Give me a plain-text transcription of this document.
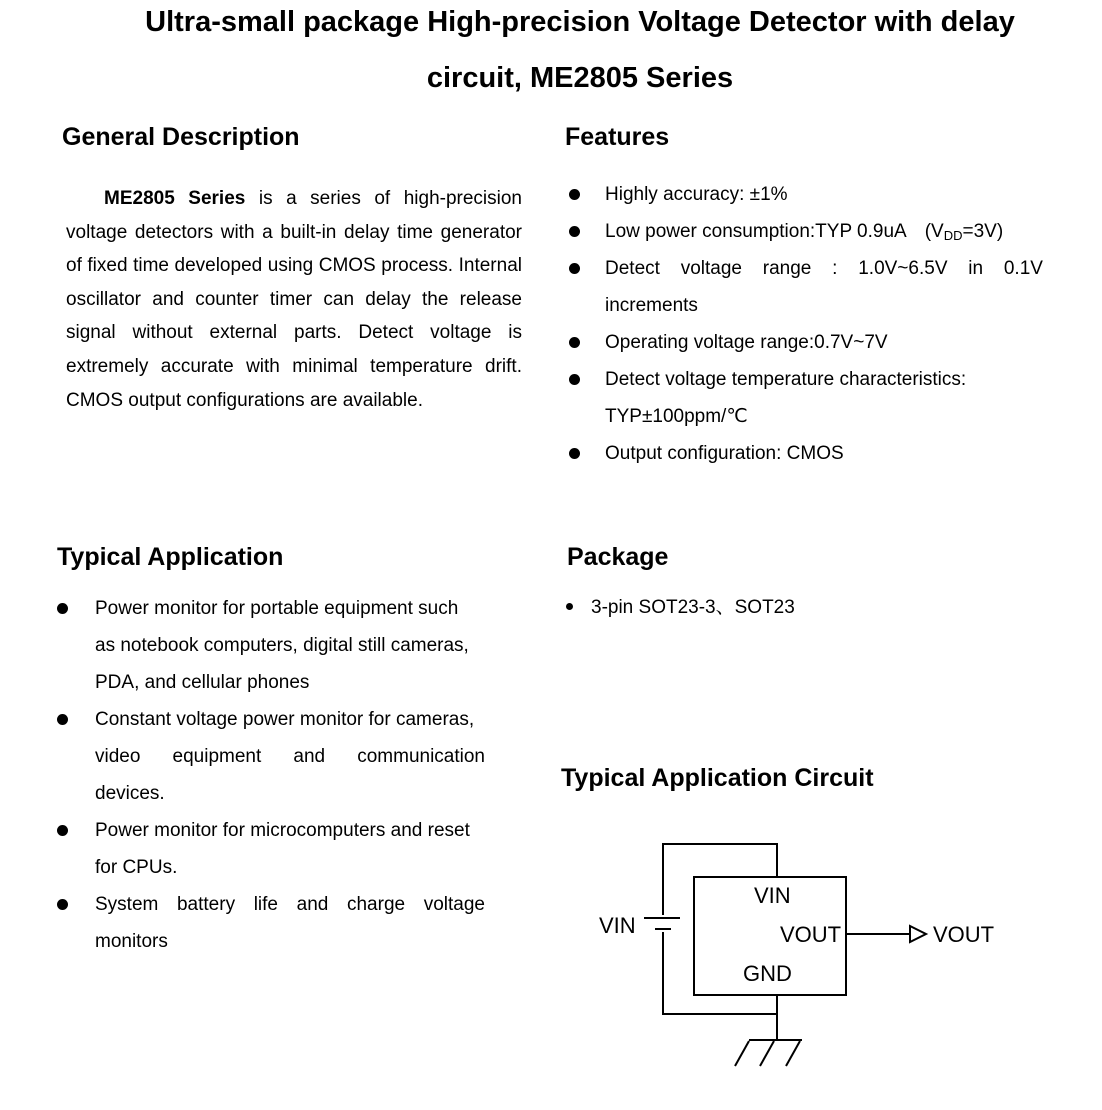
Ultra-small package High-precision Voltage Detector with delay
circuit, ME2805 Series
General Description
ME2805 Series is a series of high-precision voltage detectors with a built-in delay time generator of fixed time developed using CMOS process. Internal oscillator and counter timer can delay the release signal without external parts. Detect voltage is extremely accurate with minimal temperature drift. CMOS output configurations are available.
Features
Highly accuracy: ±1%
Low power consumption:TYP 0.9uA $(V_{DD}=3V)$
Detect voltage range : 1.0V~6.5V in 0.1V
increments
Operating voltage range:0.7V~7V
Detect voltage temperature characteristics:
TYP±100ppm/℃
Output configuration: CMOS
Typical Application
Power monitor for portable equipment such
as notebook computers, digital still cameras,
PDA, and cellular phones
Constant voltage power monitor for cameras,
video equipment and communication
devices.
Power monitor for microcomputers and reset
for CPUs.
System battery life and charge voltage
monitors
Package
3-pin SOT23-3、SOT23
Typical Application Circuit
VIN
VIN
VOUT
GND
VOUT
